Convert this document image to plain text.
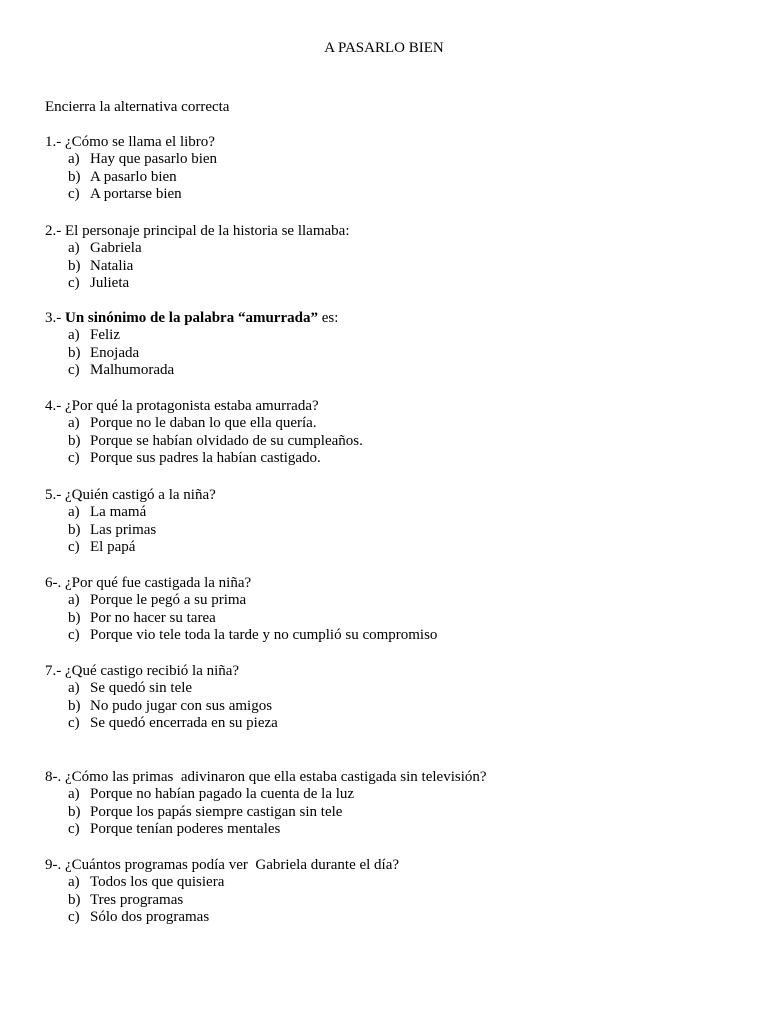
A PASARLO BIEN
Encierra la alternativa correcta
1.- ¿Cómo se llama el libro?
a) Hay que pasarlo bien
b) A pasarlo bien
c) A portarse bien
2.- El personaje principal de la historia se llamaba:
a) Gabriela
b) Natalia
c) Julieta
3.- Un sinónimo de la palabra “amurrada” es:
a) Feliz
b) Enojada
c) Malhumorada
4.- ¿Por qué la protagonista estaba amurrada?
a) Porque no le daban lo que ella quería.
b) Porque se habían olvidado de su cumpleaños.
c) Porque sus padres la habían castigado.
5.- ¿Quién castigó a la niña?
a) La mamá
b) Las primas
c) El papá
6-. ¿Por qué fue castigada la niña?
a) Porque le pegó a su prima
b) Por no hacer su tarea
c) Porque vio tele toda la tarde y no cumplió su compromiso
7.- ¿Qué castigo recibió la niña?
a) Se quedó sin tele
b) No pudo jugar con sus amigos
c) Se quedó encerrada en su pieza
8-. ¿Cómo las primas  adivinaron que ella estaba castigada sin televisión?
a) Porque no habían pagado la cuenta de la luz
b) Porque los papás siempre castigan sin tele
c) Porque tenían poderes mentales
9-. ¿Cuántos programas podía ver  Gabriela durante el día?
a) Todos los que quisiera
b) Tres programas
c) Sólo dos programas
